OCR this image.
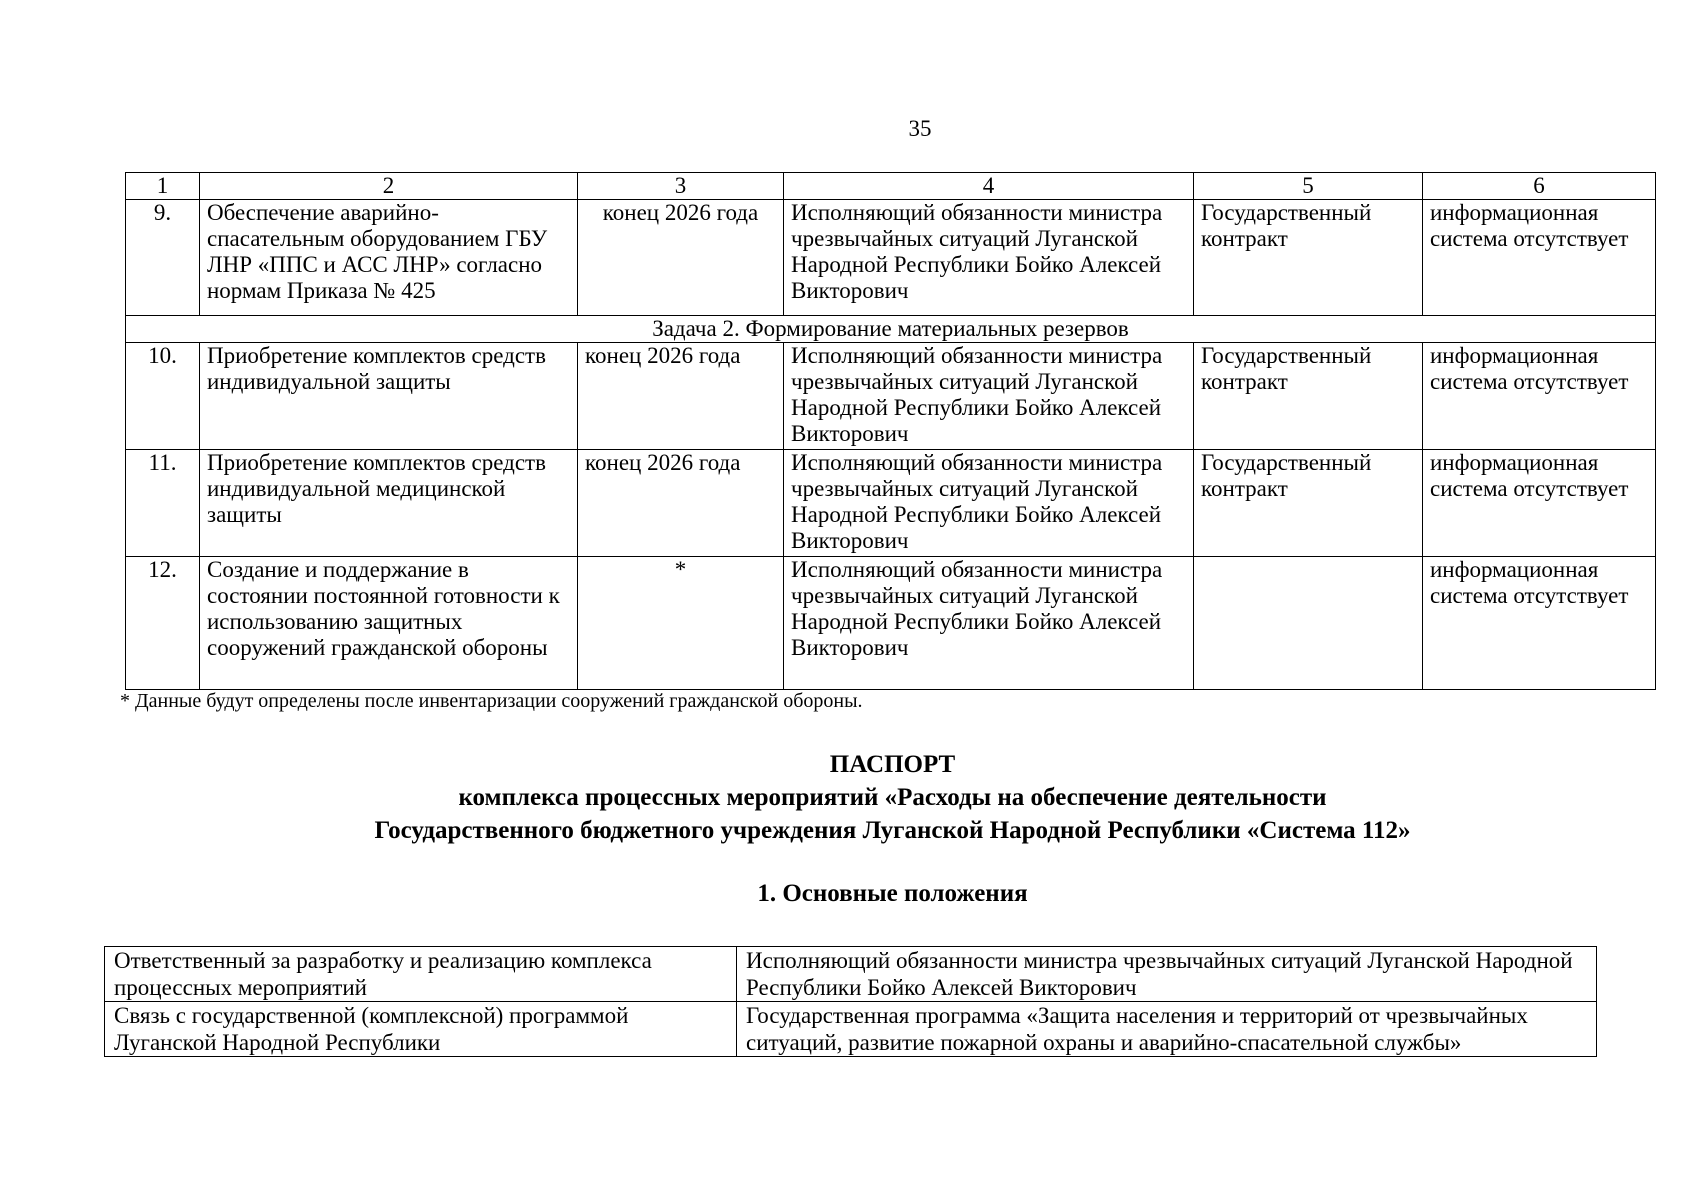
35
1	2	3	4	5	6
9.	Обеспечение аварийно-спасательным оборудованием ГБУ ЛНР «ППС и АСС ЛНР» согласно нормам Приказа № 425	конец 2026 года	Исполняющий обязанности министра чрезвычайных ситуаций Луганской Народной Республики Бойко Алексей Викторович	Государственный контракт	информационная система отсутствует
Задача 2. Формирование материальных резервов					
10.	Приобретение комплектов средств индивидуальной защиты	конец 2026 года	Исполняющий обязанности министра чрезвычайных ситуаций Луганской Народной Республики Бойко Алексей Викторович	Государственный контракт	информационная система отсутствует
11.	Приобретение комплектов средств индивидуальной медицинской защиты	конец 2026 года	Исполняющий обязанности министра чрезвычайных ситуаций Луганской Народной Республики Бойко Алексей Викторович	Государственный контракт	информационная система отсутствует
12.	Создание и поддержание в состоянии постоянной готовности к использованию защитных сооружений гражданской обороны	*	Исполняющий обязанности министра чрезвычайных ситуаций Луганской Народной Республики Бойко Алексей Викторович		информационная система отсутствует
* Данные будут определены после инвентаризации сооружений гражданской обороны.
ПАСПОРТ
комплекса процессных мероприятий «Расходы на обеспечение деятельности
Государственного бюджетного учреждения Луганской Народной Республики «Система 112»
1. Основные положения
Ответственный за разработку и реализацию комплекса процессных мероприятий	Исполняющий обязанности министра чрезвычайных ситуаций Луганской Народной Республики Бойко Алексей Викторович
Связь с государственной (комплексной) программой Луганской Народной Республики	Государственная программа «Защита населения и территорий от чрезвычайных ситуаций, развитие пожарной охраны и аварийно-спасательной службы»
